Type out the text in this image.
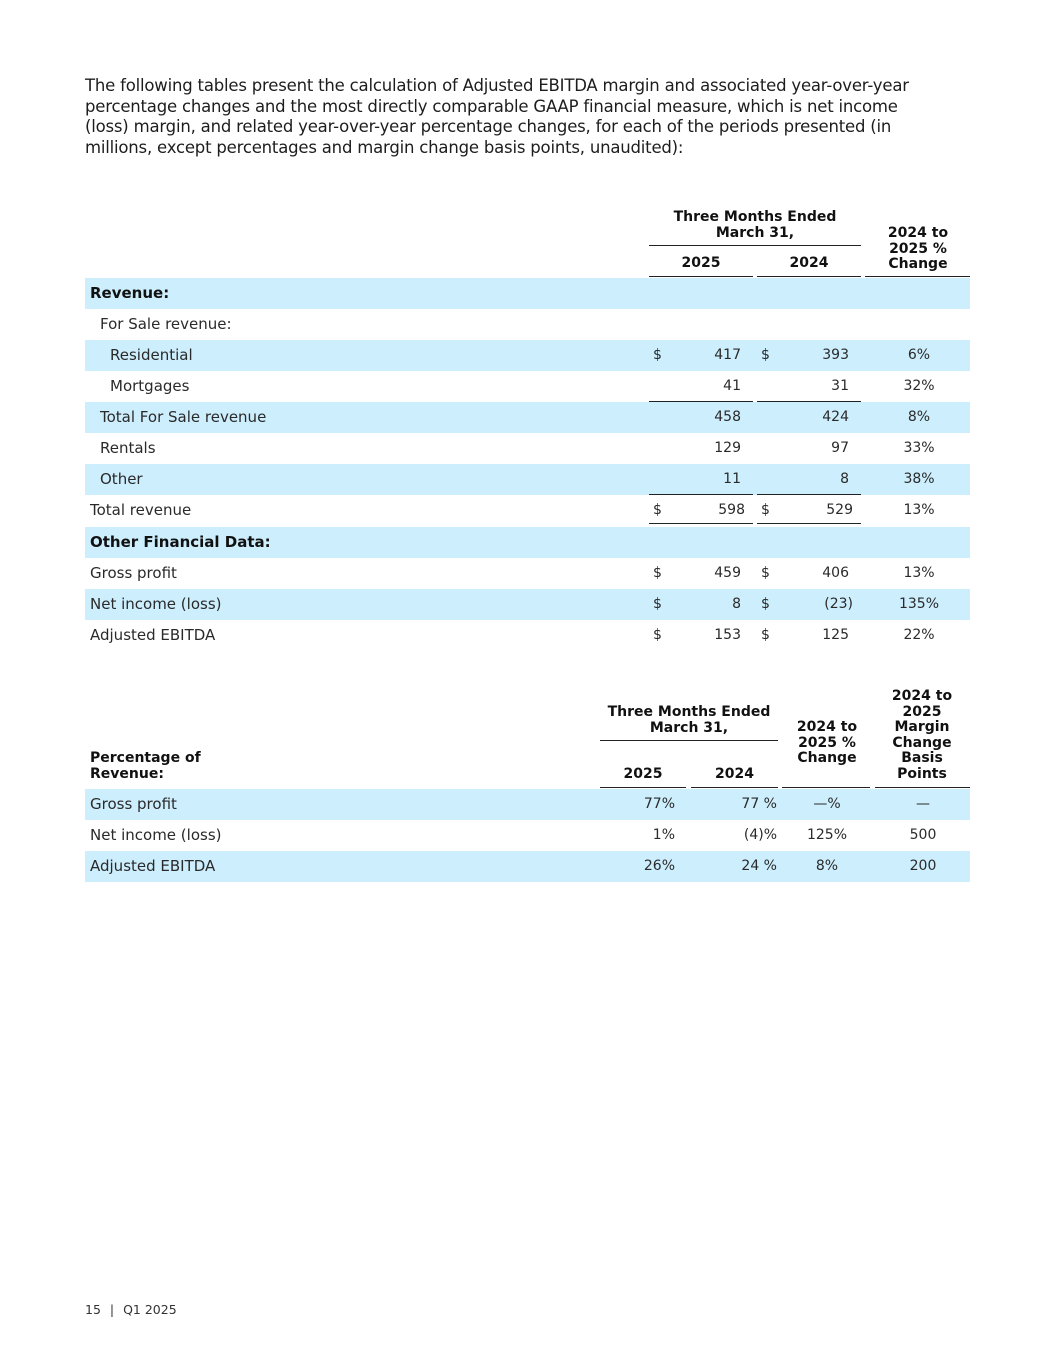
The following tables present the calculation of Adjusted EBITDA margin and associated year-over-year
percentage changes and the most directly comparable GAAP financial measure, which is net income
(loss) margin, and related year-over-year percentage changes, for each of the periods presented (in
millions, except percentages and margin change basis points, unaudited):
Three Months Ended March 31,	2024 to 2025 % Change
2025	2024
Revenue:
For Sale revenue:
Residential	$	417 $	393	6%
Mortgages	41	31	32%
Total For Sale revenue	458	424	8%
Rentals	129	97	33%
Other	11	8	38%
Total revenue	$	598 $	529	13%
Other Financial Data:
Gross profit	$	459 $	406	13%
Net income (loss)	$	8 $	(23)	135%
Adjusted EBITDA	$	153 $	125	22%
Percentage of Revenue:
Three Months Ended March 31,	2024 to 2025 % Change
2024 to 2025 Margin Change Basis Points
2025	2024
Gross profit	77%	77 %	—%	—
Net income (loss)	1%	(4)%	125%	500
Adjusted EBITDA	26%	24 %	8%	200
15 | Q1 2025
